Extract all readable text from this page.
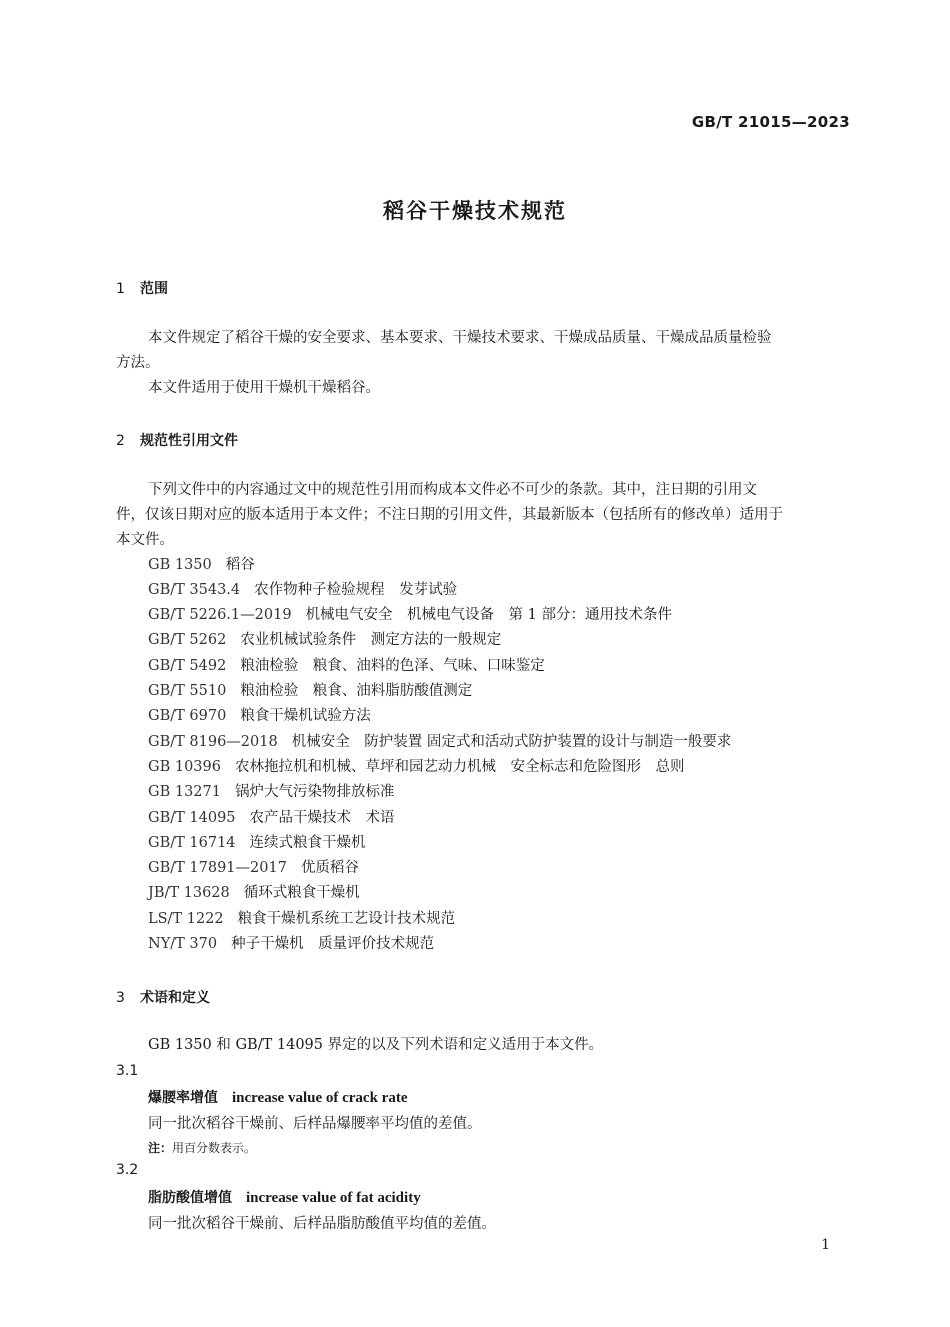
GB/T 21015—2023
稻谷干燥技术规范
1 范围
本文件规定了稻谷干燥的安全要求、基本要求、干燥技术要求、干燥成品质量、干燥成品质量检验
方法。
本文件适用于使用干燥机干燥稻谷。
2 规范性引用文件
下列文件中的内容通过文中的规范性引用而构成本文件必不可少的条款。其中，注日期的引用文
件，仅该日期对应的版本适用于本文件；不注日期的引用文件，其最新版本（包括所有的修改单）适用于
本文件。
GB 1350 稻谷
GB/T 3543.4 农作物种子检验规程　发芽试验
GB/T 5226.1—2019 机械电气安全　机械电气设备　第 1 部分：通用技术条件
GB/T 5262 农业机械试验条件　测定方法的一般规定
GB/T 5492 粮油检验　粮食、油料的色泽、气味、口味鉴定
GB/T 5510 粮油检验　粮食、油料脂肪酸值测定
GB/T 6970 粮食干燥机试验方法
GB/T 8196—2018 机械安全　防护装置 固定式和活动式防护装置的设计与制造一般要求
GB 10396 农林拖拉机和机械、草坪和园艺动力机械　安全标志和危险图形　总则
GB 13271 锅炉大气污染物排放标准
GB/T 14095 农产品干燥技术　术语
GB/T 16714 连续式粮食干燥机
GB/T 17891—2017 优质稻谷
JB/T 13628 循环式粮食干燥机
LS/T 1222 粮食干燥机系统工艺设计技术规范
NY/T 370 种子干燥机　质量评价技术规范
3 术语和定义
GB 1350 和 GB/T 14095 界定的以及下列术语和定义适用于本文件。
3.1
爆腰率增值 increase value of crack rate
同一批次稻谷干燥前、后样品爆腰率平均值的差值。
注：用百分数表示。
3.2
脂肪酸值增值 increase value of fat acidity
同一批次稻谷干燥前、后样品脂肪酸值平均值的差值。
1
